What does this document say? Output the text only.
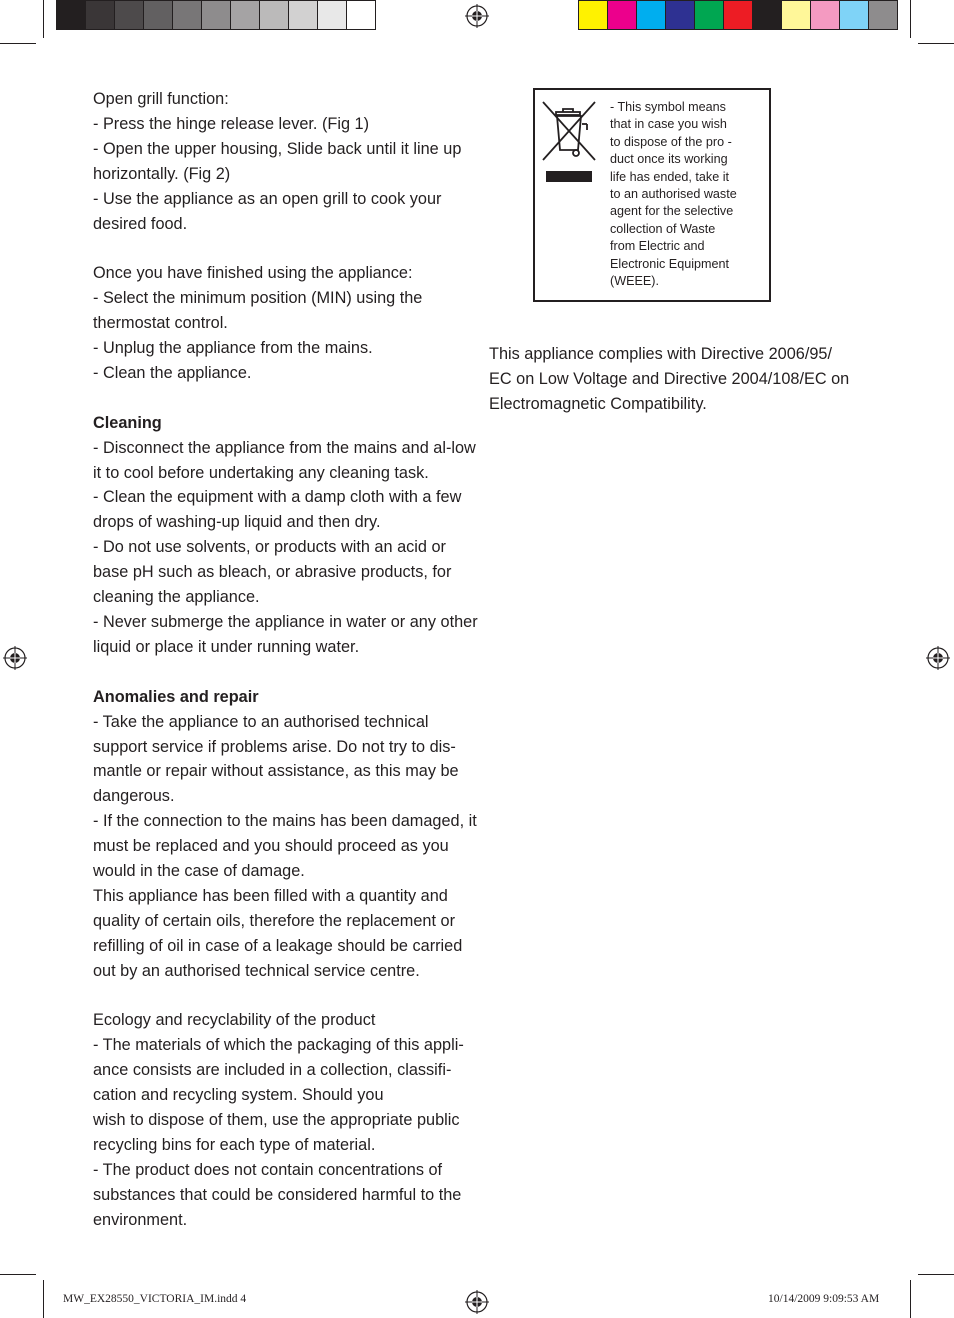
Open grill function:

- Press the hinge release lever. (Fig 1)

- Open the upper housing, Slide back until it line up horizontally. (Fig 2)

- Use the appliance as an open grill to cook your desired food.

Once you have finished using the appliance:

- Select the minimum position (MIN) using the thermostat control.

- Unplug the appliance from the mains.

- Clean the appliance.

Cleaning

- Disconnect the appliance from the mains and al-low it to cool before undertaking any cleaning task.

- Clean the equipment with a damp cloth with a few drops of washing-up liquid and then dry.

- Do not use solvents, or products with an acid or base pH such as bleach, or abrasive products, for cleaning the appliance.

- Never submerge the appliance in water or any other liquid or place it under running water.

Anomalies and repair

- Take the appliance to an authorised technical support service if problems arise. Do not try to dis-mantle or repair without assistance, as this may be dangerous.

- If the connection to the mains has been damaged, it must be replaced and you should proceed as you would in the case of damage.

This appliance has been filled with a quantity and quality of certain oils, therefore the replacement or refilling of oil in case of a leakage should be carried out by an authorised technical service centre.

Ecology and recyclability of the product

- The materials of which the packaging of this appli-ance consists are included in a collection, classifi-cation and recycling system. Should you

wish to dispose of them, use the appropriate public recycling bins for each type of material.

- The product does not contain concentrations of substances that could be considered harmful to the environment.

- This symbol means
that in case you wish
to dispose of the pro -
duct once its working
life has ended, take it
to an authorised waste
agent for the selective
collection of Waste
from Electric and
Electronic Equipment
(WEEE).
This appliance complies with Directive 2006/95/
EC on Low Voltage and Directive 2004/108/EC on
Electromagnetic Compatibility.
MW_EX28550_VICTORIA_IM.indd 4	10/14/2009 9:09:53 AM
